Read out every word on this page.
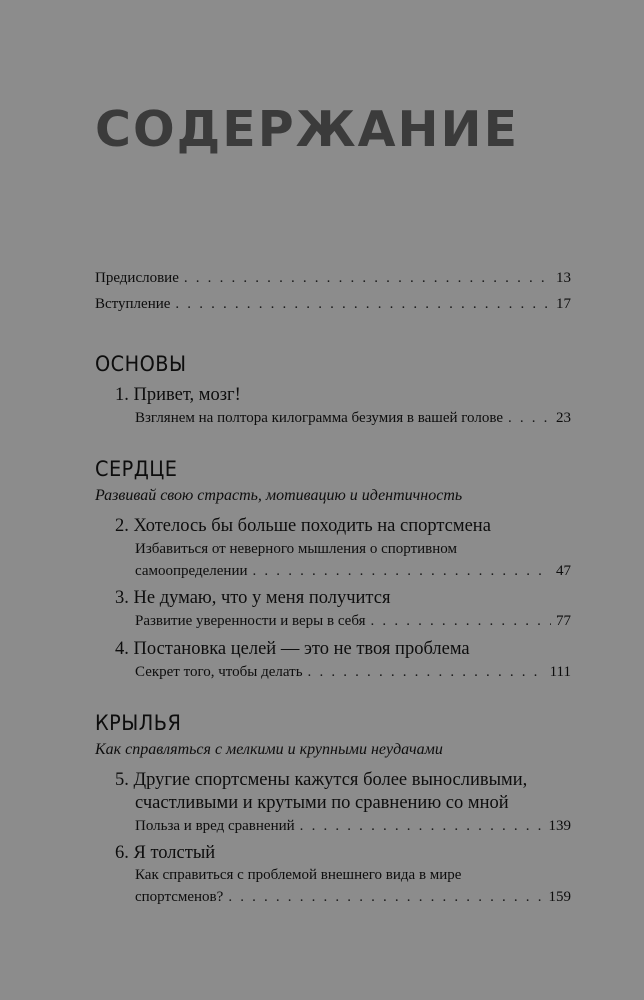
СОДЕРЖАНИЕ
Предисловие . . .	13
Вступление . . .	17
ОСНОВЫ
1. Привет, мозг!
Взглянем на полтора килограмма безумия в вашей голове . . .	23
СЕРДЦЕ
Развивай свою страсть, мотивацию и идентичность
2. Хотелось бы больше походить на спортсмена
Избавиться от неверного мышления о спортивном
самоопределении . . .	47
3. Не думаю, что у меня получится
Развитие уверенности и веры в себя . . .	77
4. Постановка целей — это не твоя проблема
Секрет того, чтобы делать . . .	111
КРЫЛЬЯ
Как справляться с мелкими и крупными неудачами
5. Другие спортсмены кажутся более выносливыми,
счастливыми и крутыми по сравнению со мной
Польза и вред сравнений . . .	139
6. Я толстый
Как справиться с проблемой внешнего вида в мире
спортсменов? . . .	159
